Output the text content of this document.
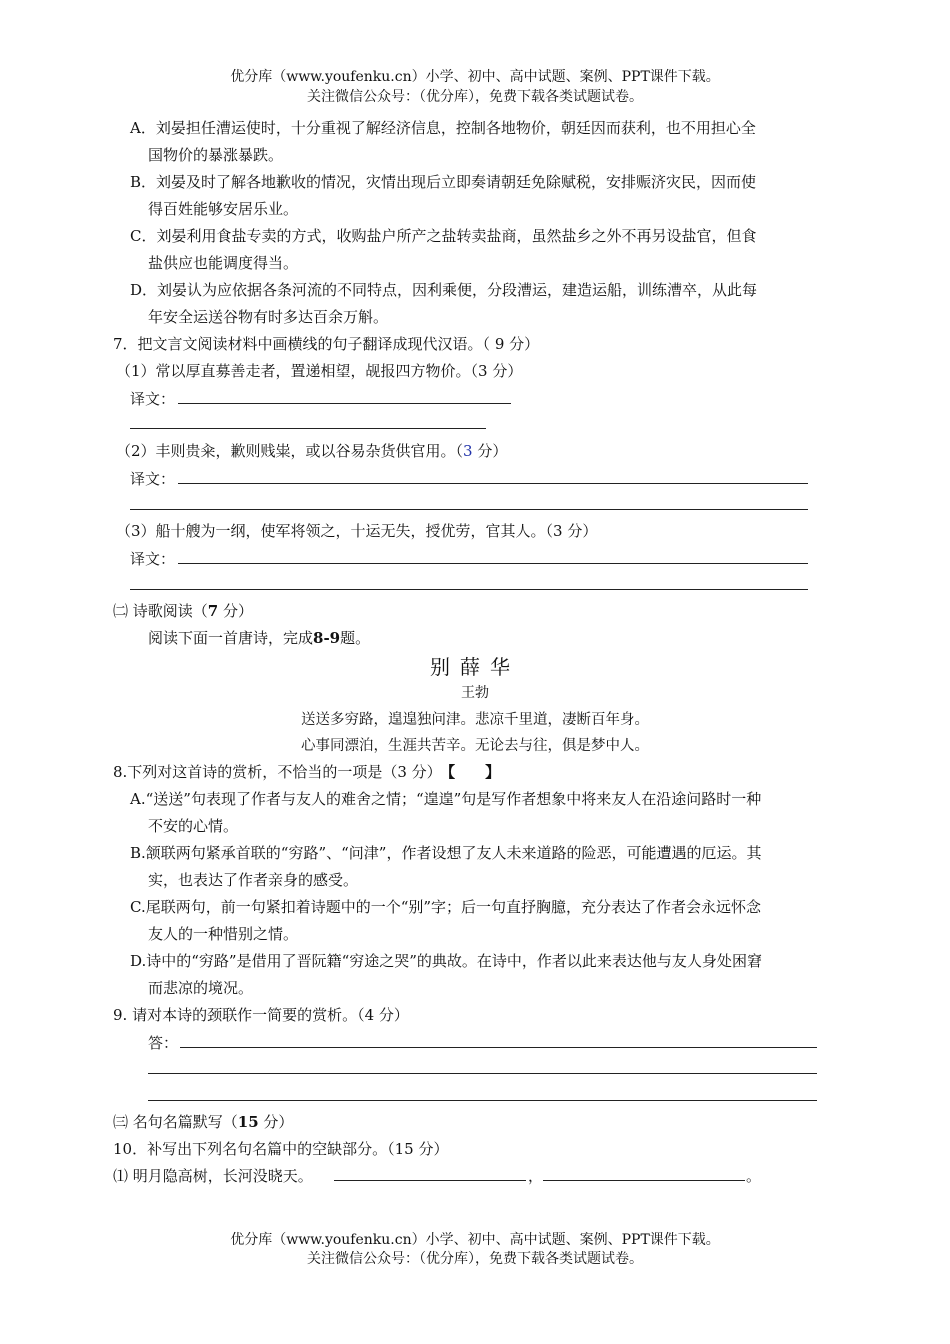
优分库（www.youfenku.cn）小学、初中、高中试题、案例、PPT课件下载。
关注微信公众号：（优分库），免费下载各类试题试卷。
A．刘晏担任漕运使时，十分重视了解经济信息，控制各地物价，朝廷因而获利，也不用担心全
国物价的暴涨暴跌。
B．刘晏及时了解各地歉收的情况，灾情出现后立即奏请朝廷免除赋税，安排赈济灾民，因而使
得百姓能够安居乐业。
C．刘晏利用食盐专卖的方式，收购盐户所产之盐转卖盐商，虽然盐乡之外不再另设盐官，但食
盐供应也能调度得当。
D．刘晏认为应依据各条河流的不同特点，因利乘便，分段漕运，建造运船，训练漕卒，从此每
年安全运送谷物有时多达百余万斛。
7．把文言文阅读材料中画横线的句子翻译成现代汉语。（ 9 分）
（1）常以厚直募善走者，置递相望，觇报四方物价。（3 分）
译文：
（2）丰则贵籴，歉则贱粜，或以谷易杂货供官用。（3 分）
译文：
（3）船十艘为一纲，使军将领之，十运无失，授优劳，官其人。（3 分）
译文：
㈡ 诗歌阅读（7 分）
阅读下面一首唐诗，完成8-9题。
别薛华
王勃
送送多穷路，遑遑独问津。悲凉千里道，凄断百年身。
心事同漂泊，生涯共苦辛。无论去与往，俱是梦中人。
8.下列对这首诗的赏析，不恰当的一项是（3 分） 【　　】
A.“送送”句表现了作者与友人的难舍之情；“遑遑”句是写作者想象中将来友人在沿途问路时一种
不安的心情。
B.颔联两句紧承首联的“穷路”、“问津”，作者设想了友人未来道路的险恶，可能遭遇的厄运。其
实，也表达了作者亲身的感受。
C.尾联两句，前一句紧扣着诗题中的一个“别”字；后一句直抒胸臆，充分表达了作者会永远怀念
友人的一种惜别之情。
D.诗中的“穷路”是借用了晋阮籍“穷途之哭”的典故。在诗中，作者以此来表达他与友人身处困窘
而悲凉的境况。
9. 请对本诗的颈联作一简要的赏析。（4 分）
答：
㈢ 名句名篇默写（15 分）
10．补写出下列名句名篇中的空缺部分。（15 分）
⑴ 明月隐高树，长河没晓天。	，	。
优分库（www.youfenku.cn）小学、初中、高中试题、案例、PPT课件下载。
关注微信公众号：（优分库），免费下载各类试题试卷。
